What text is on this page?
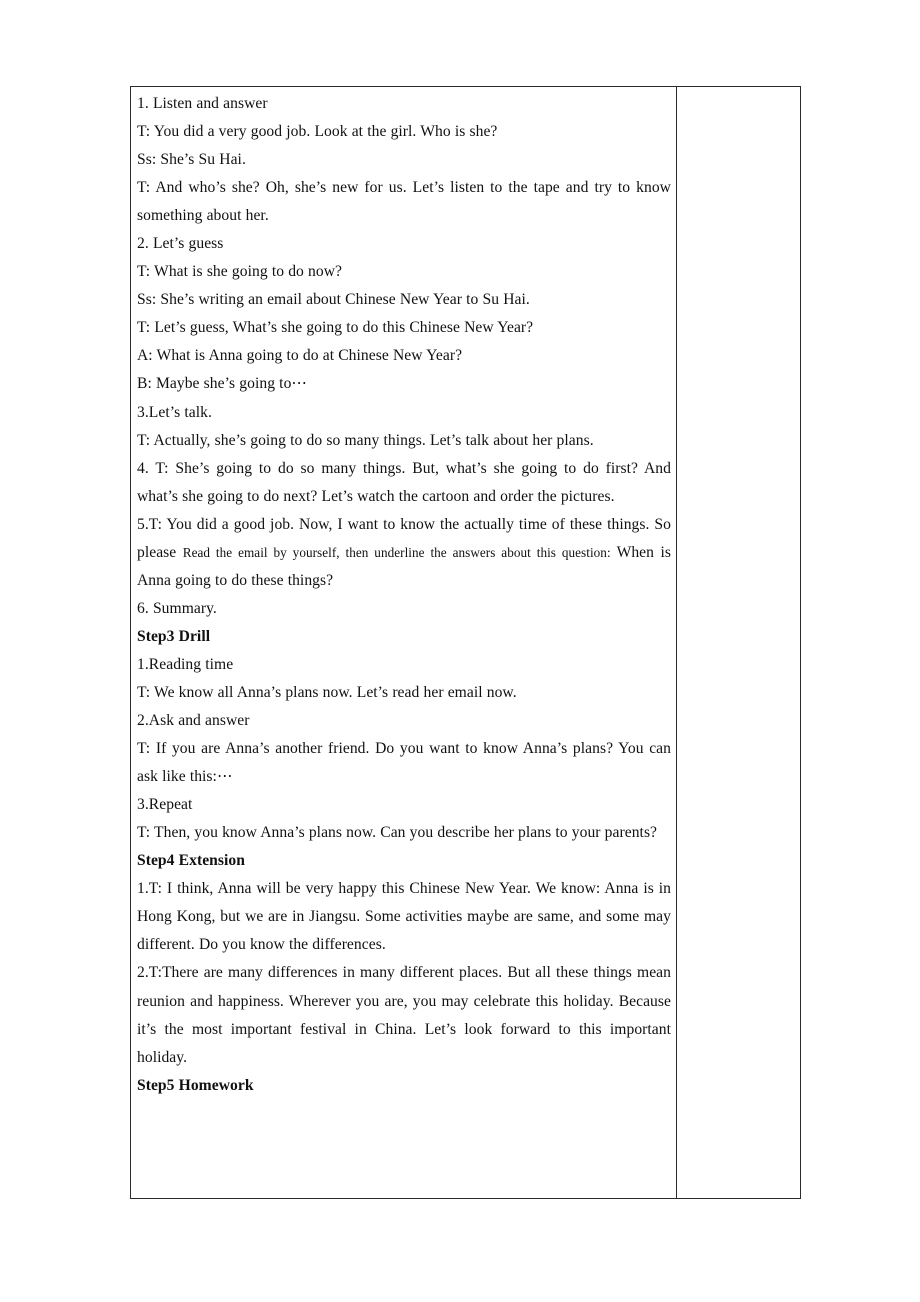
1. Listen and answer

T: You did a very good job. Look at the girl. Who is she?

Ss: She’s Su Hai.

T: And who’s she? Oh, she’s new for us. Let’s listen to the tape and try to know something about her.

2. Let’s guess

T: What is she going to do now?

Ss: She’s writing an email about Chinese New Year to Su Hai.

T: Let’s guess, What’s she going to do this Chinese New Year?

A: What is Anna going to do at Chinese New Year?

B: Maybe she’s going to⋯

3.Let’s talk.

T: Actually, she’s going to do so many things. Let’s talk about her plans.

4. T: She’s going to do so many things. But, what’s she going to do first? And what’s she going to do next? Let’s watch the cartoon and order the pictures.

5.T: You did a good job. Now, I want to know the actually time of these things. So please Read the email by yourself, then underline the answers about this question: When is Anna going to do these things?

6. Summary.

Step3 Drill

1.Reading time

T: We know all Anna’s plans now. Let’s read her email now.

2.Ask and answer

T: If you are Anna’s another friend. Do you want to know Anna’s plans? You can ask like this:⋯

3.Repeat

T: Then, you know Anna’s plans now. Can you describe her plans to your parents?

Step4 Extension

1.T: I think, Anna will be very happy this Chinese New Year. We know: Anna is in Hong Kong, but we are in Jiangsu. Some activities maybe are same, and some may different. Do you know the differences.

2.T:There are many differences in many different places. But all these things mean reunion and happiness. Wherever you are, you may celebrate this holiday. Because it’s the most important festival in China. Let’s look forward to this important holiday.

Step5 Homework
